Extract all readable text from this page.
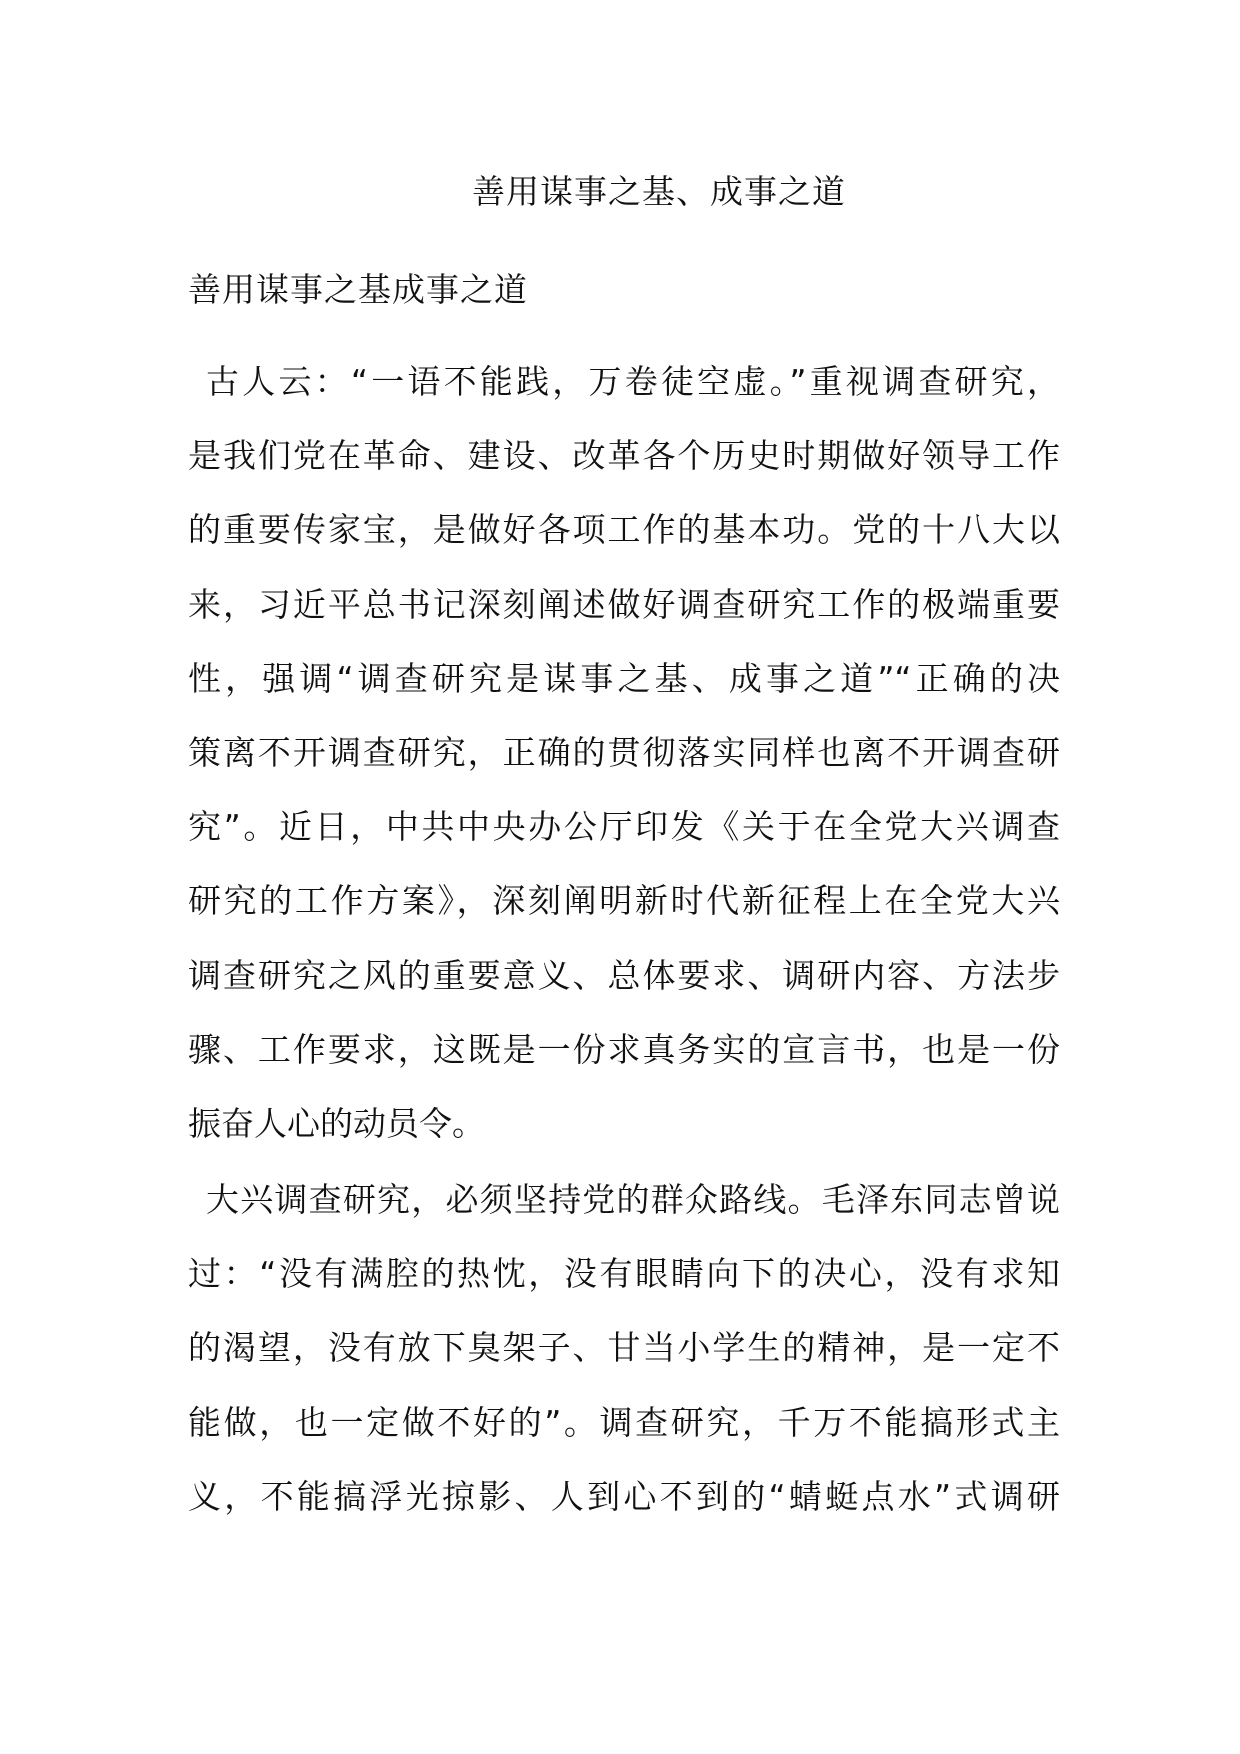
善用谋事之基、成事之道
善用谋事之基成事之道
古人云：“一语不能践，万卷徒空虚。”重视调查研究，
是我们党在革命、建设、改革各个历史时期做好领导工作
的重要传家宝，是做好各项工作的基本功。党的十八大以
来，习近平总书记深刻阐述做好调查研究工作的极端重要
性，强调“调查研究是谋事之基、成事之道”“正确的决
策离不开调查研究，正确的贯彻落实同样也离不开调查研
究”。近日，中共中央办公厅印发《关于在全党大兴调查
研究的工作方案》，深刻阐明新时代新征程上在全党大兴
调查研究之风的重要意义、总体要求、调研内容、方法步
骤、工作要求，这既是一份求真务实的宣言书，也是一份
振奋人心的动员令。
大兴调查研究，必须坚持党的群众路线。毛泽东同志曾说
过：“没有满腔的热忱，没有眼睛向下的决心，没有求知
的渴望，没有放下臭架子、甘当小学生的精神，是一定不
能做，也一定做不好的”。调查研究，千万不能搞形式主
义，不能搞浮光掠影、人到心不到的“蜻蜓点水”式调研
